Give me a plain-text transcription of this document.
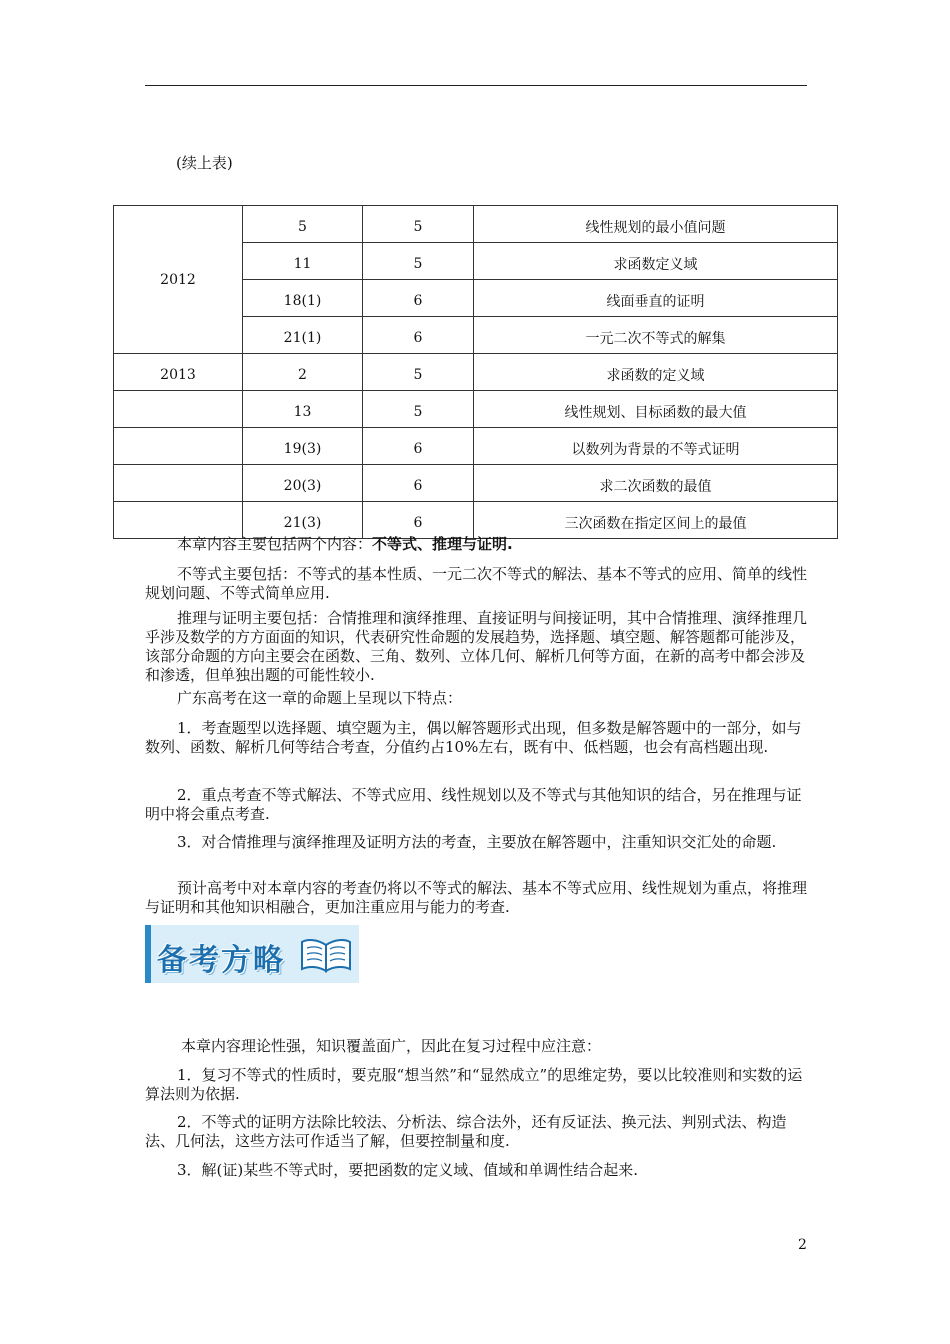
(续上表)
2012	5	5	线性规划的最小值问题
	11	5	求函数定义域
	18(1)	6	线面垂直的证明
	21(1)	6	一元二次不等式的解集
2013	2	5	求函数的定义域
	13	5	线性规划、目标函数的最大值
	19(3)	6	以数列为背景的不等式证明
	20(3)	6	求二次函数的最值
	21(3)	6	三次函数在指定区间上的最值
本章内容主要包括两个内容：不等式、推理与证明.
不等式主要包括：不等式的基本性质、一元二次不等式的解法、基本不等式的应用、简单的线性规划问题、不等式简单应用.
推理与证明主要包括：合情推理和演绎推理、直接证明与间接证明，其中合情推理、演绎推理几乎涉及数学的方方面面的知识，代表研究性命题的发展趋势，选择题、填空题、解答题都可能涉及，该部分命题的方向主要会在函数、三角、数列、立体几何、解析几何等方面，在新的高考中都会涉及和渗透，但单独出题的可能性较小.
广东高考在这一章的命题上呈现以下特点：
1．考查题型以选择题、填空题为主，偶以解答题形式出现，但多数是解答题中的一部分，如与数列、函数、解析几何等结合考查，分值约占10%左右，既有中、低档题，也会有高档题出现.
2．重点考查不等式解法、不等式应用、线性规划以及不等式与其他知识的结合，另在推理与证明中将会重点考查.
3．对合情推理与演绎推理及证明方法的考查，主要放在解答题中，注重知识交汇处的命题.
预计高考中对本章内容的考查仍将以不等式的解法、基本不等式应用、线性规划为重点，将推理与证明和其他知识相融合，更加注重应用与能力的考查.
备考方略
本章内容理论性强，知识覆盖面广，因此在复习过程中应注意：
1．复习不等式的性质时，要克服“想当然”和“显然成立”的思维定势，要以比较准则和实数的运算法则为依据.
2．不等式的证明方法除比较法、分析法、综合法外，还有反证法、换元法、判别式法、构造法、几何法，这些方法可作适当了解，但要控制量和度.
3．解(证)某些不等式时，要把函数的定义域、值域和单调性结合起来.
2
